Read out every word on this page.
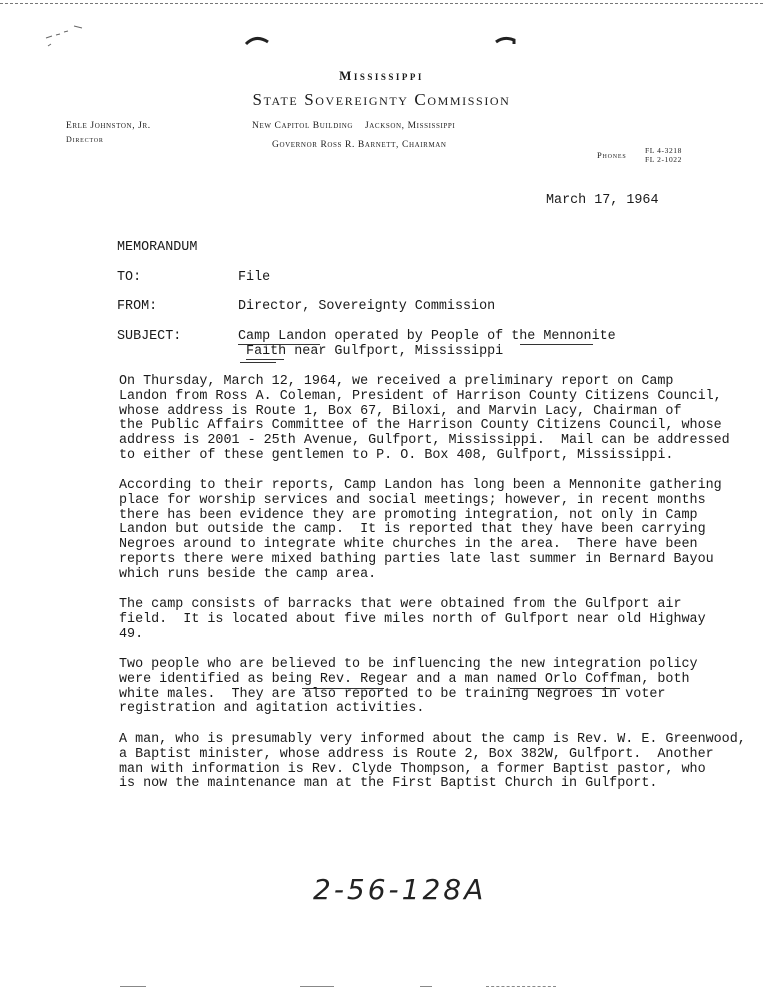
Mississippi
State Sovereignty Commission
Erle Johnston, Jr.
Director
New Capitol Building    Jackson, Mississippi
Governor Ross R. Barnett, Chairman
Phones FL 4-3218
FL 2-1022
March 17, 1964
MEMORANDUM
TO:	File
FROM:	Director, Sovereignty Commission
SUBJECT:	Camp Landon operated by People of the Mennonite
Faith near Gulfport, Mississippi
On Thursday, March 12, 1964, we received a preliminary report on Camp
Landon from Ross A. Coleman, President of Harrison County Citizens Council,
whose address is Route 1, Box 67, Biloxi, and Marvin Lacy, Chairman of
the Public Affairs Committee of the Harrison County Citizens Council, whose
address is 2001 - 25th Avenue, Gulfport, Mississippi.  Mail can be addressed
to either of these gentlemen to P. O. Box 408, Gulfport, Mississippi.
According to their reports, Camp Landon has long been a Mennonite gathering
place for worship services and social meetings; however, in recent months
there has been evidence they are promoting integration, not only in Camp
Landon but outside the camp.  It is reported that they have been carrying
Negroes around to integrate white churches in the area.  There have been
reports there were mixed bathing parties late last summer in Bernard Bayou
which runs beside the camp area.
The camp consists of barracks that were obtained from the Gulfport air
field.  It is located about five miles north of Gulfport near old Highway
49.
Two people who are believed to be influencing the new integration policy
were identified as being Rev. Regear and a man named Orlo Coffman, both
white males.  They are also reported to be training Negroes in voter
registration and agitation activities.
A man, who is presumably very informed about the camp is Rev. W. E. Greenwood,
a Baptist minister, whose address is Route 2, Box 382W, Gulfport.  Another
man with information is Rev. Clyde Thompson, a former Baptist pastor, who
is now the maintenance man at the First Baptist Church in Gulfport.
2-56-128A
